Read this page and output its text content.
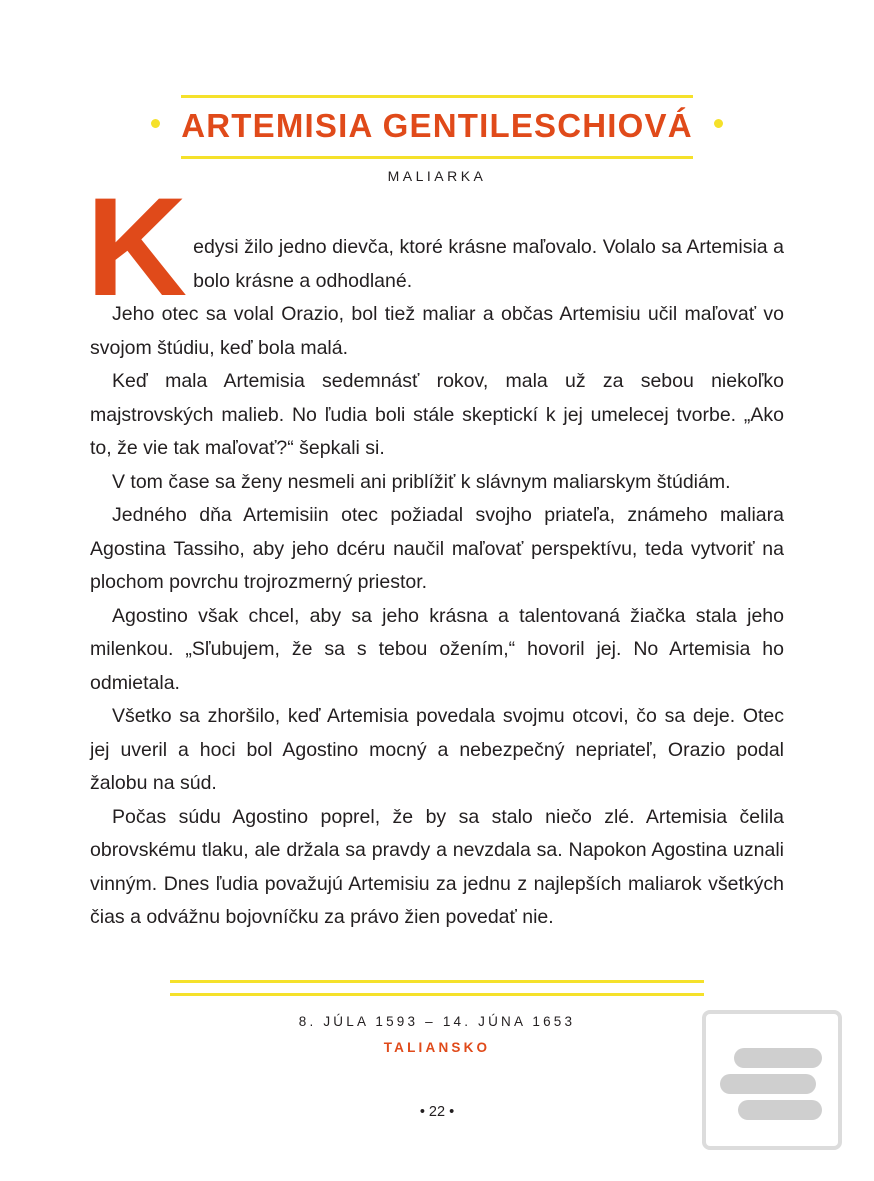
ARTEMISIA GENTILESCHIOVÁ
MALIARKA

Kedysi žilo jedno dievča, ktoré krásne maľovalo. Volalo sa Artemisia a bolo krásne a odhodlané.

Jeho otec sa volal Orazio, bol tiež maliar a občas Artemisiu učil maľovať vo svojom štúdiu, keď bola malá.

Keď mala Artemisia sedemnásť rokov, mala už za sebou niekoľko majstrovských malieb. No ľudia boli stále skeptickí k jej umelecej tvorbe. „Ako to, že vie tak maľovať?“ šepkali si.

V tom čase sa ženy nesmeli ani priblížiť k slávnym maliarskym štúdiám.

Jedného dňa Artemisiin otec požiadal svojho priateľa, známeho maliara Agostina Tassiho, aby jeho dcéru naučil maľovať perspektívu, teda vytvoriť na plochom povrchu trojrozmerný priestor.

Agostino však chcel, aby sa jeho krásna a talentovaná žiačka stala jeho milenkou. „Sľubujem, že sa s tebou ožením,“ hovoril jej. No Artemisia ho odmietala.

Všetko sa zhoršilo, keď Artemisia povedala svojmu otcovi, čo sa deje. Otec jej uveril a hoci bol Agostino mocný a nebezpečný nepriateľ, Orazio podal žalobu na súd.

Počas súdu Agostino poprel, že by sa stalo niečo zlé. Artemisia čelila obrovskému tlaku, ale držala sa pravdy a nevzdala sa. Napokon Agostina uznali vinným. Dnes ľudia považujú Artemisiu za jednu z najlepších maliarok všetkých čias a odvážnu bojovníčku za právo žien povedať nie.

8. JÚLA 1593 – 14. JÚNA 1653
TALIANSKO
• 22 •
